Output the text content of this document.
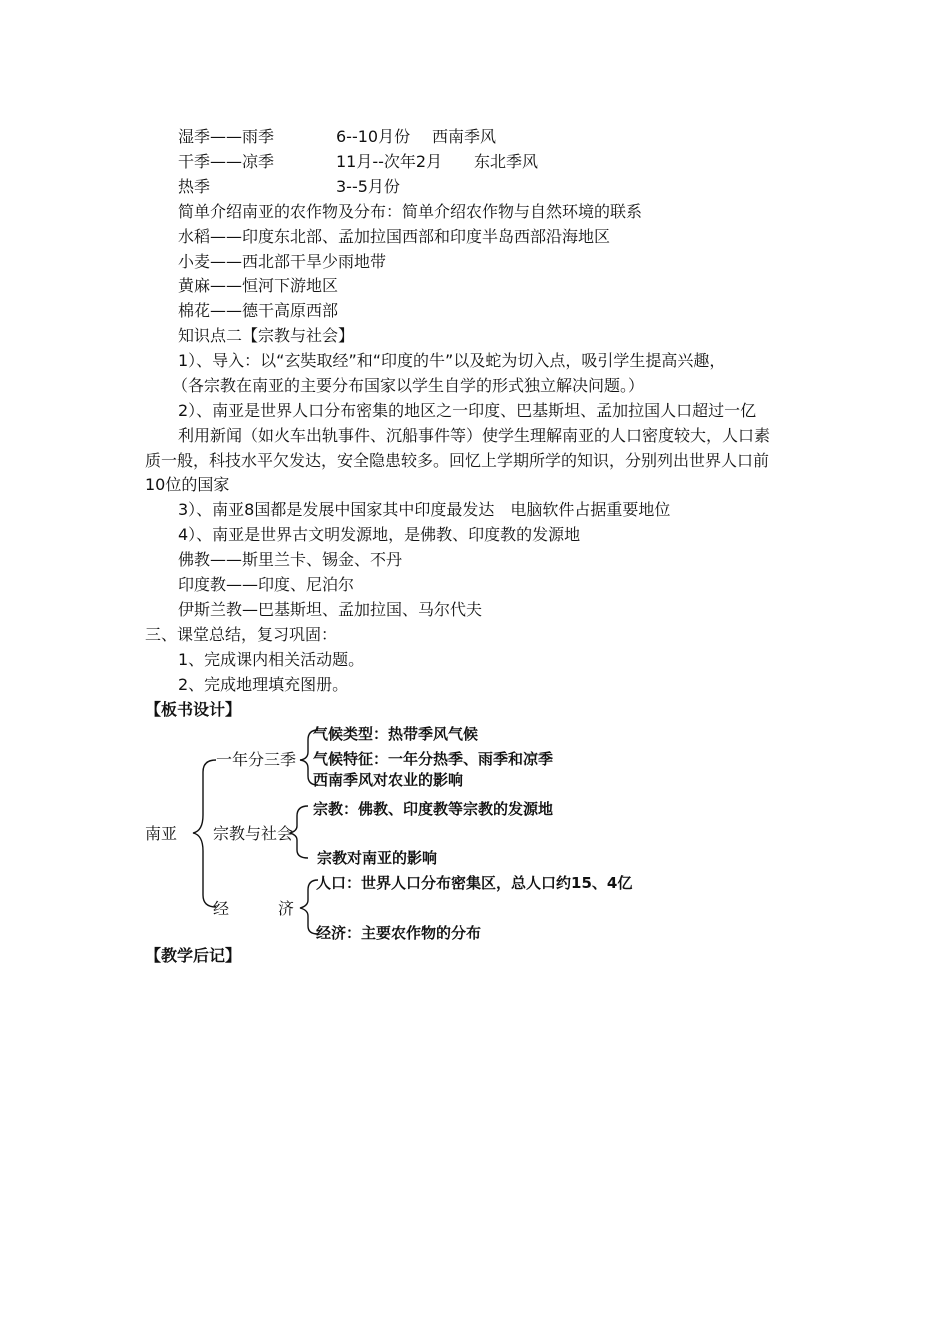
湿季——雨季	6--10月份 西南季风
干季——凉季	11月--次年2月 东北季风
热季	3--5月份
简单介绍南亚的农作物及分布：简单介绍农作物与自然环境的联系
水稻——印度东北部、孟加拉国西部和印度半岛西部沿海地区
小麦——西北部干旱少雨地带
黄麻——恒河下游地区
棉花——德干高原西部
知识点二【宗教与社会】
1）、导入：以“玄奘取经”和“印度的牛”以及蛇为切入点，吸引学生提高兴趣，
（各宗教在南亚的主要分布国家以学生自学的形式独立解决问题。）
2）、南亚是世界人口分布密集的地区之一印度、巴基斯坦、孟加拉国人口超过一亿
利用新闻（如火车出轨事件、沉船事件等）使学生理解南亚的人口密度较大，人口素
质一般，科技水平欠发达，安全隐患较多。回忆上学期所学的知识，分别列出世界人口前
10位的国家
3）、南亚8国都是发展中国家其中印度最发达　电脑软件占据重要地位
4）、南亚是世界古文明发源地，是佛教、印度教的发源地
佛教——斯里兰卡、锡金、不丹
印度教——印度、尼泊尔
伊斯兰教—巴基斯坦、孟加拉国、马尔代夫
三、课堂总结，复习巩固：
1、完成课内相关活动题。
2、完成地理填充图册。
【板书设计】
南亚
一年分三季
气候类型：热带季风气候
气候特征：一年分热季、雨季和凉季
西南季风对农业的影响
宗教与社会
宗教：佛教、印度教等宗教的发源地
宗教对南亚的影响
经	济
人口：世界人口分布密集区，总人口约15、4亿
经济：主要农作物的分布
【教学后记】
